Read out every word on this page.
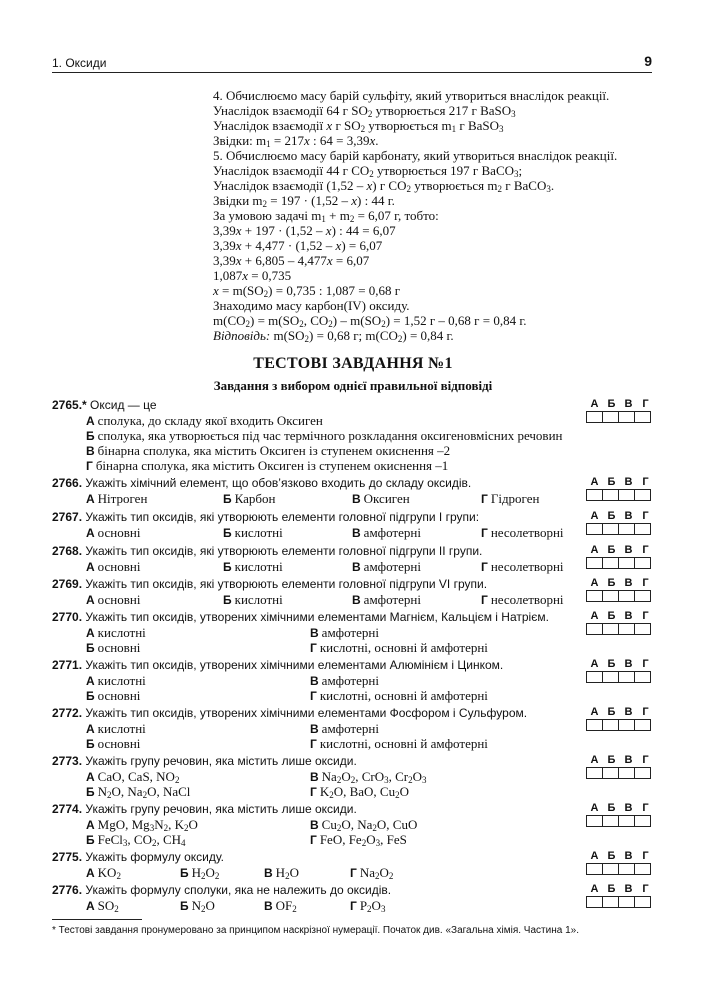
1. Оксиди	9
4. Обчислюємо масу барій сульфіту, який утвориться внаслідок реакції.
Унаслідок взаємодії 64 г $SO_2$ утворюється 217 г BaSO$_3$
Унаслідок взаємодії x г $SO_2$ утворюється $m_1$ г BaSO$_3$
Звідки: $m_1 = 217x$ : 64 = 3,39x.
5. Обчислюємо масу барій карбонату, який утвориться внаслідок реакції.
Унаслідок взаємодії 44 г $CO_2$ утворюється 197 г BaCO$_3$;
Унаслідок взаємодії (1,52 – x) г $CO_2$ утворюється $m_2$ г BaCO$_3$.
Звідки $m_2 = 197 \cdot (1,52 - x)$ : 44 г.
За умовою задачі $m_1 + m_2 = 6,07$ г, тобто:
3,39x + 197 · (1,52 – x) : 44 = 6,07
3,39x + 4,477 · (1,52 – x) = 6,07
3,39x + 6,805 – 4,477x = 6,07
1,087x = 0,735
$x = m(SO_2) = 0,735$ : 1,087 = 0,68 г
Знаходимо масу карбон(IV) оксиду.
$m(CO_2) = m(SO_2$, $CO_2) - m(SO_2) = 1,52$ г – 0,68 г = 0,84 г.
Відповідь: $m(SO_2) = 0,68$ г; $m(CO_2) = 0,84$ г.
ТЕСТОВІ ЗАВДАННЯ №1
Завдання з вибором однієї правильної відповіді
2765.* Оксид — це
А сполука, до складу якої входить Оксиген
Б сполука, яка утворюється під час термічного розкладання оксигеновмісних речовин
В бінарна сполука, яка містить Оксиген із ступенем окиснення –2
Г бінарна сполука, яка містить Оксиген із ступенем окиснення –1
А Б В Г
2766. Укажіть хімічний елемент, що обов’язково входить до складу оксидів.
А Нітроген	Б Карбон	В Оксиген	Г Гідроген
А Б В Г
2767. Укажіть тип оксидів, які утворюють елементи головної підгрупи I групи:
А основні	Б кислотні	В амфотерні	Г несолетворні
А Б В Г
2768. Укажіть тип оксидів, які утворюють елементи головної підгрупи II групи.
А основні	Б кислотні	В амфотерні	Г несолетворні
А Б В Г
2769. Укажіть тип оксидів, які утворюють елементи головної підгрупи VI групи.
А основні	Б кислотні	В амфотерні	Г несолетворні
А Б В Г
2770. Укажіть тип оксидів, утворених хімічними елементами Магнієм, Кальцієм і Натрієм.
А кислотні	В амфотерні
Б основні	Г кислотні, основні й амфотерні
А Б В Г
2771. Укажіть тип оксидів, утворених хімічними елементами Алюмінієм і Цинком.
А кислотні	В амфотерні
Б основні	Г кислотні, основні й амфотерні
А Б В Г
2772. Укажіть тип оксидів, утворених хімічними елементами Фосфором і Сульфуром.
А кислотні	В амфотерні
Б основні	Г кислотні, основні й амфотерні
А Б В Г
2773. Укажіть групу речовин, яка містить лише оксиди.
А CaO, CaS, $NO_2$	В $Na_2O_2$, CrO$_3$, $Cr_2O_3$
Б $N_2O$, $Na_2O$, NaCl	Г $K_2O$, BaO, $Cu_2O$
А Б В Г
2774. Укажіть групу речовин, яка містить лише оксиди.
А MgO, $Mg_3N_2$, $K_2O$	В $Cu_2O$, $Na_2O$, CuO
Б FeCl$_3$, $CO_2$, $CH_4$	Г FeO, $Fe_2O_3$, FeS
А Б В Г
2775. Укажіть формулу оксиду.
А $KO_2$	Б $H_2O_2$	В $H_2O$	Г $Na_2O_2$
А Б В Г
2776. Укажіть формулу сполуки, яка не належить до оксидів.
А $SO_2$	Б $N_2O$	В $OF_2$	Г $P_2O_3$
А Б В Г
* Тестові завдання пронумеровано за принципом наскрізної нумерації. Початок див. «Загальна хімія. Частина 1».
